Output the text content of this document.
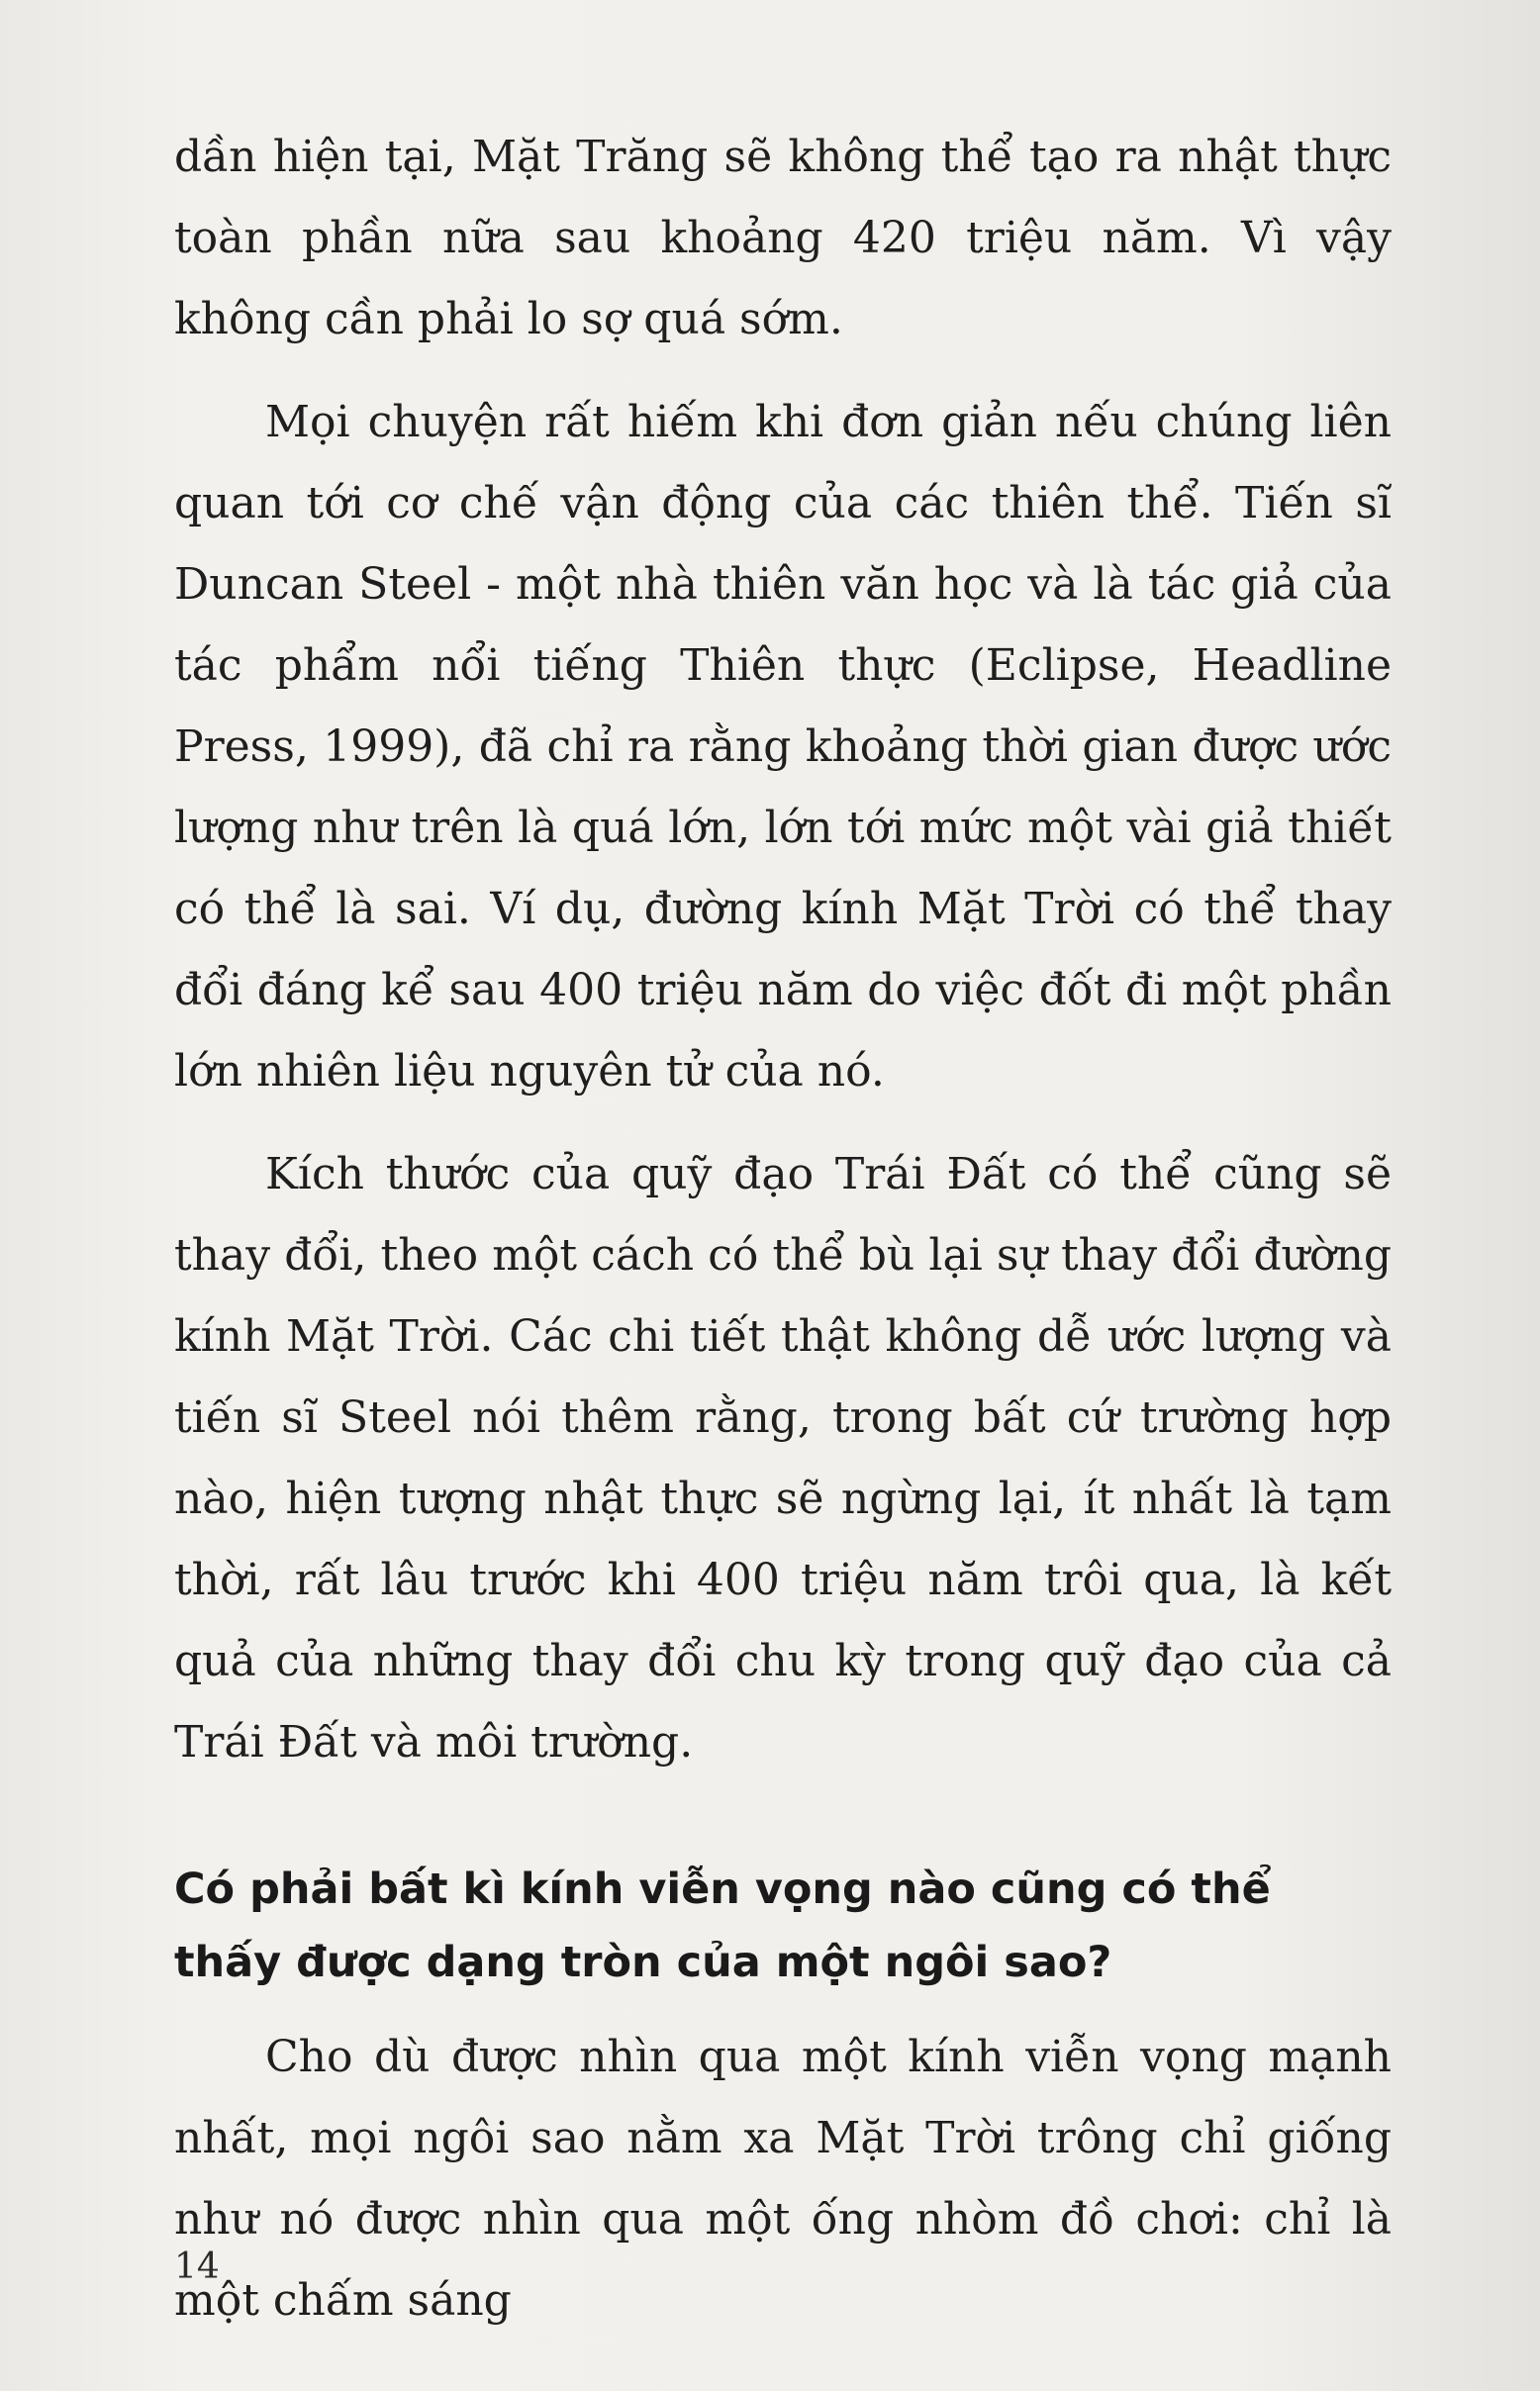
dần hiện tại, Mặt Trăng sẽ không thể tạo ra nhật thực toàn phần nữa sau khoảng 420 triệu năm. Vì vậy không cần phải lo sợ quá sớm.

Mọi chuyện rất hiếm khi đơn giản nếu chúng liên quan tới cơ chế vận động của các thiên thể. Tiến sĩ Duncan Steel - một nhà thiên văn học và là tác giả của tác phẩm nổi tiếng Thiên thực (Eclipse, Headline Press, 1999), đã chỉ ra rằng khoảng thời gian được ước lượng như trên là quá lớn, lớn tới mức một vài giả thiết có thể là sai. Ví dụ, đường kính Mặt Trời có thể thay đổi đáng kể sau 400 triệu năm do việc đốt đi một phần lớn nhiên liệu nguyên tử của nó.

Kích thước của quỹ đạo Trái Đất có thể cũng sẽ thay đổi, theo một cách có thể bù lại sự thay đổi đường kính Mặt Trời. Các chi tiết thật không dễ ước lượng và tiến sĩ Steel nói thêm rằng, trong bất cứ trường hợp nào, hiện tượng nhật thực sẽ ngừng lại, ít nhất là tạm thời, rất lâu trước khi 400 triệu năm trôi qua, là kết quả của những thay đổi chu kỳ trong quỹ đạo của cả Trái Đất và môi trường.

Có phải bất kì kính viễn vọng nào cũng có thể thấy được dạng tròn của một ngôi sao?

Cho dù được nhìn qua một kính viễn vọng mạnh nhất, mọi ngôi sao nằm xa Mặt Trời trông chỉ giống như nó được nhìn qua một ống nhòm đồ chơi: chỉ là một chấm sáng

14
